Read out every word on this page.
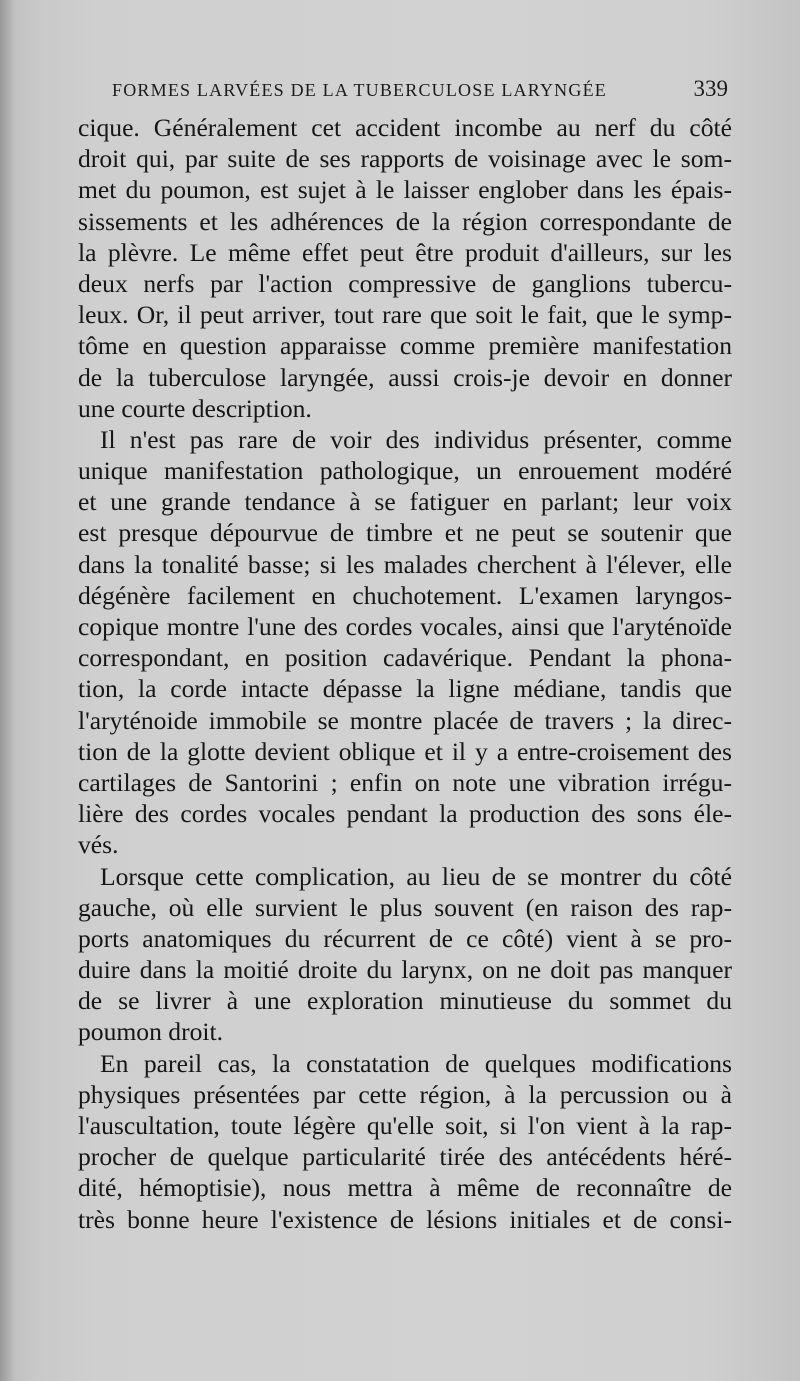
FORMES LARVÉES DE LA TUBERCULOSE LARYNGÉE	339
cique. Généralement cet accident incombe au nerf du côté
droit qui, par suite de ses rapports de voisinage avec le som-
met du poumon, est sujet à le laisser englober dans les épais-
sissements et les adhérences de la région correspondante de
la plèvre. Le même effet peut être produit d'ailleurs, sur les
deux nerfs par l'action compressive de ganglions tubercu-
leux. Or, il peut arriver, tout rare que soit le fait, que le symp-
tôme en question apparaisse comme première manifestation
de la tuberculose laryngée, aussi crois-je devoir en donner
une courte description.
Il n'est pas rare de voir des individus présenter, comme
unique manifestation pathologique, un enrouement modéré
et une grande tendance à se fatiguer en parlant; leur voix
est presque dépourvue de timbre et ne peut se soutenir que
dans la tonalité basse; si les malades cherchent à l'élever, elle
dégénère facilement en chuchotement. L'examen laryngos-
copique montre l'une des cordes vocales, ainsi que l'aryténoïde
correspondant, en position cadavérique. Pendant la phona-
tion, la corde intacte dépasse la ligne médiane, tandis que
l'aryténoide immobile se montre placée de travers ; la direc-
tion de la glotte devient oblique et il y a entre-croisement des
cartilages de Santorini ; enfin on note une vibration irrégu-
lière des cordes vocales pendant la production des sons éle-
vés.
Lorsque cette complication, au lieu de se montrer du côté
gauche, où elle survient le plus souvent (en raison des rap-
ports anatomiques du récurrent de ce côté) vient à se pro-
duire dans la moitié droite du larynx, on ne doit pas manquer
de se livrer à une exploration minutieuse du sommet du
poumon droit.
En pareil cas, la constatation de quelques modifications
physiques présentées par cette région, à la percussion ou à
l'auscultation, toute légère qu'elle soit, si l'on vient à la rap-
procher de quelque particularité tirée des antécédents héré-
dité, hémoptisie), nous mettra à même de reconnaître de
très bonne heure l'existence de lésions initiales et de consi-
